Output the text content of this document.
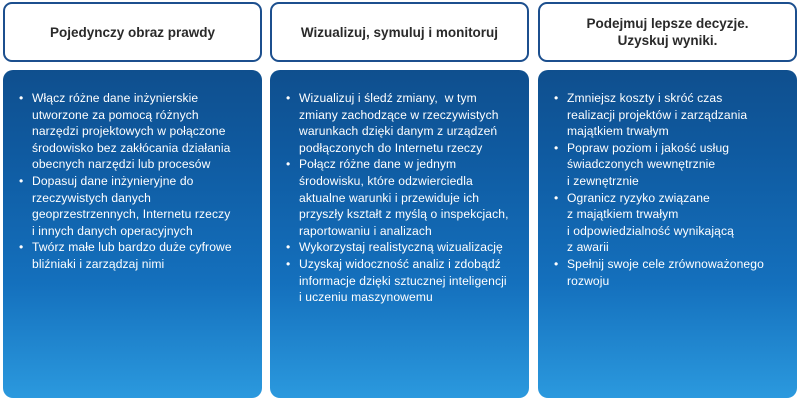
Pojedynczy obraz prawdy
• Włącz różne dane inżynierskie
utworzone za pomocą różnych
narzędzi projektowych w połączone
środowisko bez zakłócania działania
obecnych narzędzi lub procesów
• Dopasuj dane inżynieryjne do
rzeczywistych danych
geoprzestrzennych, Internetu rzeczy
i innych danych operacyjnych
• Twórz małe lub bardzo duże cyfrowe
bliźniaki i zarządzaj nimi
Wizualizuj, symuluj i monitoruj
• Wizualizuj i śledź zmiany,  w tym
zmiany zachodzące w rzeczywistych
warunkach dzięki danym z urządzeń
podłączonych do Internetu rzeczy
• Połącz różne dane w jednym
środowisku, które odzwierciedla
aktualne warunki i przewiduje ich
przyszły kształt z myślą o inspekcjach,
raportowaniu i analizach
• Wykorzystaj realistyczną wizualizację
• Uzyskaj widoczność analiz i zdobądź
informacje dzięki sztucznej inteligencji
i uczeniu maszynowemu
Podejmuj lepsze decyzje.
Uzyskuj wyniki.
• Zmniejsz koszty i skróć czas
realizacji projektów i zarządzania
majątkiem trwałym
• Popraw poziom i jakość usług
świadczonych wewnętrznie
i zewnętrznie
• Ogranicz ryzyko związane
z majątkiem trwałym
i odpowiedzialność wynikającą
z awarii
• Spełnij swoje cele zrównoważonego
rozwoju
